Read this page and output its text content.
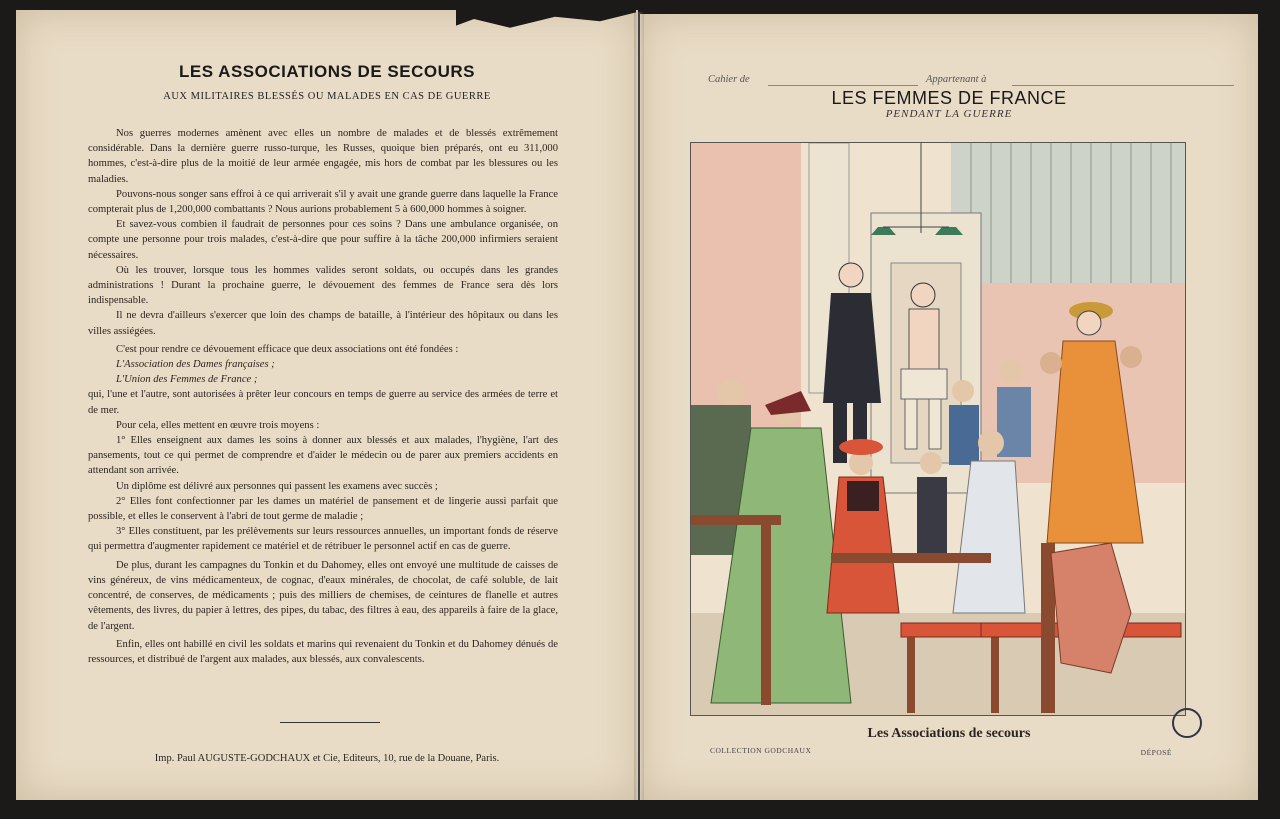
LES ASSOCIATIONS DE SECOURS
AUX MILITAIRES BLESSÉS OU MALADES EN CAS DE GUERRE

Nos guerres modernes amènent avec elles un nombre de malades et de blessés extrêmement considérable. Dans la dernière guerre russo-turque, les Russes, quoique bien préparés, ont eu 311,000 hommes, c'est-à-dire plus de la moitié de leur armée engagée, mis hors de combat par les blessures ou les maladies.

Pouvons-nous songer sans effroi à ce qui arriverait s'il y avait une grande guerre dans laquelle la France compterait plus de 1,200,000 combattants ? Nous aurions probablement 5 à 600,000 hommes à soigner.

Et savez-vous combien il faudrait de personnes pour ces soins ? Dans une ambulance organisée, on compte une personne pour trois malades, c'est-à-dire que pour suffire à la tâche 200,000 infirmiers seraient nécessaires.

Où les trouver, lorsque tous les hommes valides seront soldats, ou occupés dans les grandes administrations ! Durant la prochaine guerre, le dévouement des femmes de France sera dès lors indispensable.

Il ne devra d'ailleurs s'exercer que loin des champs de bataille, à l'intérieur des hôpitaux ou dans les villes assiégées.

C'est pour rendre ce dévouement efficace que deux associations ont été fondées :

L'Association des Dames françaises ;

L'Union des Femmes de France ;

qui, l'une et l'autre, sont autorisées à prêter leur concours en temps de guerre au service des armées de terre et de mer.

Pour cela, elles mettent en œuvre trois moyens :

1° Elles enseignent aux dames les soins à donner aux blessés et aux malades, l'hygiène, l'art des pansements, tout ce qui permet de comprendre et d'aider le médecin ou de parer aux premiers accidents en attendant son arrivée.

Un diplôme est délivré aux personnes qui passent les examens avec succès ;

2° Elles font confectionner par les dames un matériel de pansement et de lingerie aussi parfait que possible, et elles le conservent à l'abri de tout germe de maladie ;

3° Elles constituent, par les prélèvements sur leurs ressources annuelles, un important fonds de réserve qui permettra d'augmenter rapidement ce matériel et de rétribuer le personnel actif en cas de guerre.

De plus, durant les campagnes du Tonkin et du Dahomey, elles ont envoyé une multitude de caisses de vins généreux, de vins médicamenteux, de cognac, d'eaux minérales, de chocolat, de café soluble, de lait concentré, de conserves, de médicaments ; puis des milliers de chemises, de ceintures de flanelle et autres vêtements, des livres, du papier à lettres, des pipes, du tabac, des filtres à eau, des appareils à faire de la glace, de l'argent.

Enfin, elles ont habillé en civil les soldats et marins qui revenaient du Tonkin et du Dahomey dénués de ressources, et distribué de l'argent aux malades, aux blessés, aux convalescents.

Imp. Paul AUGUSTE-GODCHAUX et Cie, Editeurs, 10, rue de la Douane, Paris.
Cahier de	Appartenant à
LES FEMMES DE FRANCE
PENDANT LA GUERRE
Les Associations de secours
COLLECTION GODCHAUX	DÉPOSÉ
